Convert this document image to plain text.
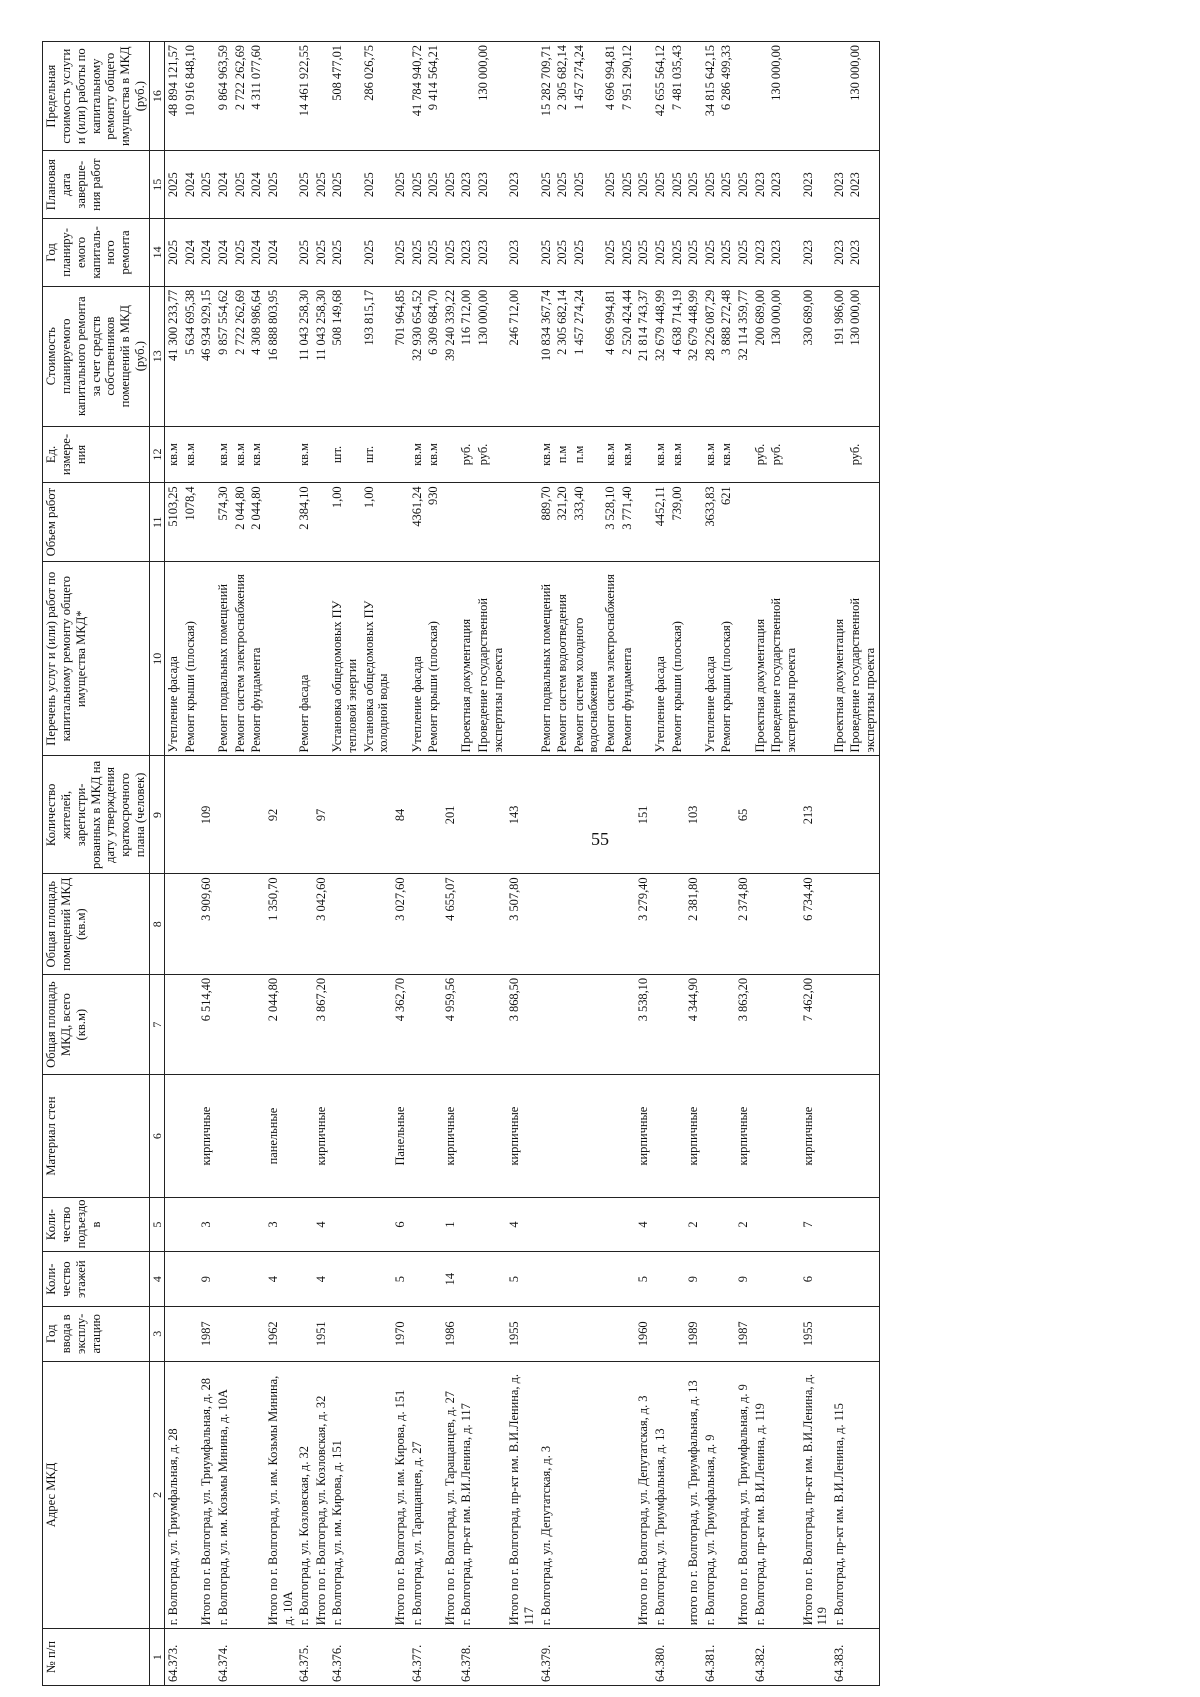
55
№ п/п	Адрес МКД	Год ввода в эксплу-атацию	Коли-чество этажей	Коли-чество подъездо в	Материал стен	Общая площадь МКД, всего (кв.м)	Общая площадь помещений МКД (кв.м)	Количество жителей, зарегистри-рованных в МКД на дату утверждения краткосрочного плана (человек)	Перечень услуг и (или) работ по капитальному ремонту общего имущества МКД*	Объем работ	Ед. измере-ния	Стоимость планируемого капитального ремонта за счет средств собственников помещений в МКД (руб.)	Год планиру-емого капиталь-ного ремонта	Плановая дата заверше-ния работ	Предельная стоимость услуги и (или) работы по капитальному ремонту общего имущества в МКД (руб.)
1	2	3	4	5	6	7	8	9	10	11	12	13	14	15	16
64.373.	г. Волгоград, ул. Триумфальная, д. 28								Утепление фасада	5103,25	кв.м	41 300 233,77	2025	2025	48 894 121,57
									Ремонт крыши (плоская)	1078,4	кв.м	5 634 695,38	2024	2024	10 916 848,10
	Итого по г. Волгоград, ул. Триумфальная, д. 28	1987	9	3	кирпичные	6 514,40	3 909,60	109				46 934 929,15	2024	2025	
64.374.	г. Волгоград, ул. им. Козьмы Минина, д. 10А								Ремонт подвальных помещений	574,30	кв.м	9 857 554,62	2024	2024	9 864 963,59
									Ремонт систем электроснабжения	2 044,80	кв.м	2 722 262,69	2025	2025	2 722 262,69
									Ремонт фундамента	2 044,80	кв.м	4 308 986,64	2024	2024	4 311 077,60
	Итого по г. Волгоград, ул. им. Козьмы Минина, д. 10А	1962	4	3	панельные	2 044,80	1 350,70	92				16 888 803,95	2024	2025	
64.375.	г. Волгоград, ул. Козловская, д. 32								Ремонт фасада	2 384,10	кв.м	11 043 258,30	2025	2025	14 461 922,55
	Итого по г. Волгоград, ул. Козловская, д. 32	1951	4	4	кирпичные	3 867,20	3 042,60	97				11 043 258,30	2025	2025	
64.376.	г. Волгоград, ул. им. Кирова, д. 151								Установка общедомовых ПУ тепловой энергии	1,00	шт.	508 149,68	2025	2025	508 477,01
									Установка общедомовых ПУ холодной воды	1,00	шт.	193 815,17	2025	2025	286 026,75
	Итого по г. Волгоград, ул. им. Кирова, д. 151	1970	5	6	Панельные	4 362,70	3 027,60	84				701 964,85	2025	2025	
64.377.	г. Волгоград, ул. Таращанцев, д. 27								Утепление фасада	4361,24	кв.м	32 930 654,52	2025	2025	41 784 940,72
									Ремонт крыши (плоская)	930	кв.м	6 309 684,70	2025	2025	9 414 564,21
	Итого по г. Волгоград, ул. Таращанцев, д. 27	1986	14	1	кирпичные	4 959,56	4 655,07	201				39 240 339,22	2025	2025	
64.378.	г. Волгоград, пр-кт им. В.И.Ленина, д. 117								Проектная документация		руб.	116 712,00	2023	2023	
									Проведение государственной экспертизы проекта		руб.	130 000,00	2023	2023	130 000,00
	Итого по г. Волгоград, пр-кт им. В.И.Ленина, д. 117	1955	5	4	кирпичные	3 868,50	3 507,80	143				246 712,00	2023	2023	
64.379.	г. Волгоград, ул. Депутатская, д. 3								Ремонт подвальных помещений	889,70	кв.м	10 834 367,74	2025	2025	15 282 709,71
									Ремонт систем водоотведения	321,20	п.м	2 305 682,14	2025	2025	2 305 682,14
									Ремонт систем холодного водоснабжения	333,40	п.м	1 457 274,24	2025	2025	1 457 274,24
									Ремонт систем электроснабжения	3 528,10	кв.м	4 696 994,81	2025	2025	4 696 994,81
									Ремонт фундамента	3 771,40	кв.м	2 520 424,44	2025	2025	7 951 290,12
	Итого по г. Волгоград, ул. Депутатская, д. 3	1960	5	4	кирпичные	3 538,10	3 279,40	151				21 814 743,37	2025	2025	
64.380.	г. Волгоград, ул. Триумфальная, д. 13								Утепление фасада	4452,11	кв.м	32 679 448,99	2025	2025	42 655 564,12
									Ремонт крыши (плоская)	739,00	кв.м	4 638 714,19	2025	2025	7 481 035,43
	итого по г. Волгоград, ул. Триумфальная, д. 13	1989	9	2	кирпичные	4 344,90	2 381,80	103				32 679 448,99	2025	2025	
64.381.	г. Волгоград, ул. Триумфальная, д. 9								Утепление фасада	3633,83	кв.м	28 226 087,29	2025	2025	34 815 642,15
									Ремонт крыши (плоская)	621	кв.м	3 888 272,48	2025	2025	6 286 499,33
	Итого по г. Волгоград, ул. Триумфальная, д. 9	1987	9	2	кирпичные	3 863,20	2 374,80	65				32 114 359,77	2025	2025	
64.382.	г. Волгоград, пр-кт им. В.И.Ленина, д. 119								Проектная документация		руб.	200 689,00	2023	2023	
									Проведение государственной экспертизы проекта		руб.	130 000,00	2023	2023	130 000,00
	Итого по г. Волгоград, пр-кт им. В.И.Ленина, д. 119	1955	6	7	кирпичные	7 462,00	6 734,40	213				330 689,00	2023	2023	
64.383.	г. Волгоград, пр-кт им. В.И.Ленина, д. 115								Проектная документация			191 986,00	2023	2023	
									Проведение государственной экспертизы проекта		руб.	130 000,00	2023	2023	130 000,00
